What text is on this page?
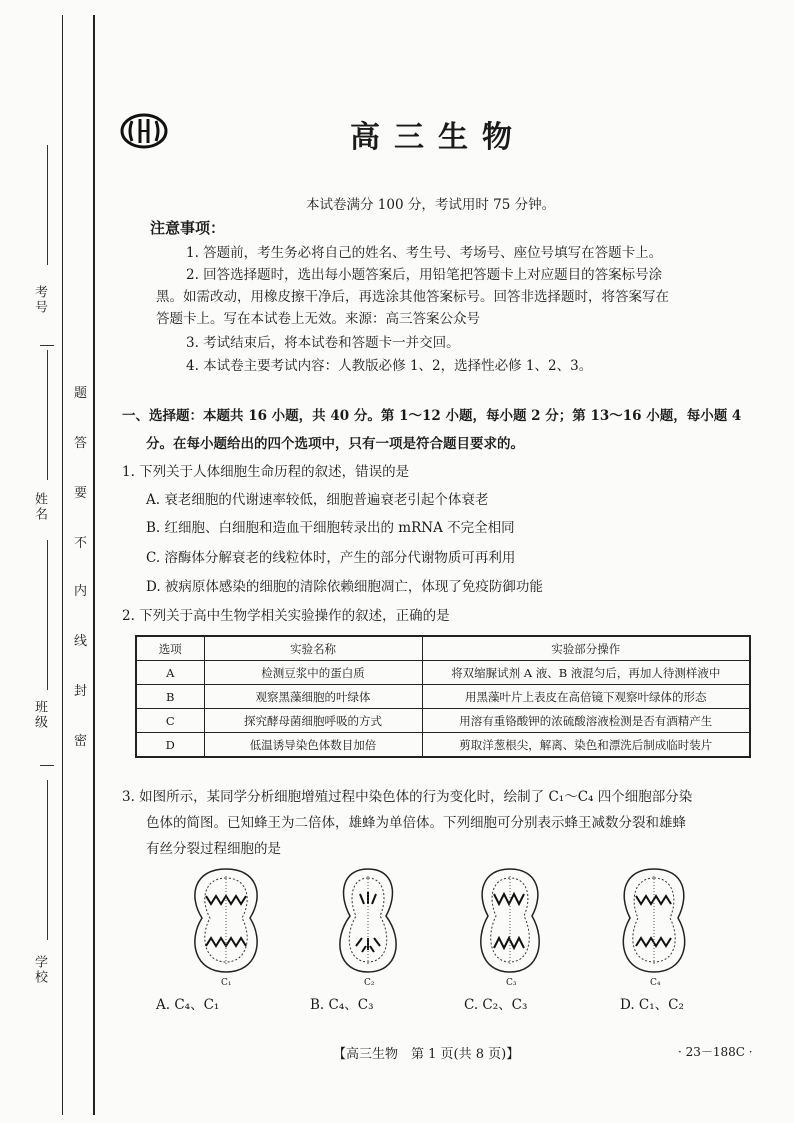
考号
姓名
班级
学校
题
答
要
不
内
线
封
密
高三生物
本试卷满分 100 分，考试用时 75 分钟。
注意事项：
1. 答题前，考生务必将自己的姓名、考生号、考场号、座位号填写在答题卡上。
2. 回答选择题时，选出每小题答案后，用铅笔把答题卡上对应题目的答案标号涂
黑。如需改动，用橡皮擦干净后，再选涂其他答案标号。回答非选择题时，将答案写在
答题卡上。写在本试卷上无效。来源：高三答案公众号
3. 考试结束后，将本试卷和答题卡一并交回。
4. 本试卷主要考试内容：人教版必修 1、2，选择性必修 1、2、3。
一、选择题：本题共 16 小题，共 40 分。第 1～12 小题，每小题 2 分；第 13～16 小题，每小题 4
分。在每小题给出的四个选项中，只有一项是符合题目要求的。
1. 下列关于人体细胞生命历程的叙述，错误的是
A. 衰老细胞的代谢速率较低，细胞普遍衰老引起个体衰老
B. 红细胞、白细胞和造血干细胞转录出的 mRNA 不完全相同
C. 溶酶体分解衰老的线粒体时，产生的部分代谢物质可再利用
D. 被病原体感染的细胞的清除依赖细胞凋亡，体现了免疫防御功能
2. 下列关于高中生物学相关实验操作的叙述，正确的是
选项	实验名称	实验部分操作
A	检测豆浆中的蛋白质	将双缩脲试剂 A 液、B 液混匀后，再加人待测样液中
B	观察黑藻细胞的叶绿体	用黑藻叶片上表皮在高倍镜下观察叶绿体的形态
C	探究酵母菌细胞呼吸的方式	用溶有重铬酸钾的浓硫酸溶液检测是否有酒精产生
D	低温诱导染色体数目加倍	剪取洋葱根尖，解离、染色和漂洗后制成临时装片
3. 如图所示，某同学分析细胞增殖过程中染色体的行为变化时，绘制了 C₁～C₄ 四个细胞部分染
色体的简图。已知蜂王为二倍体，雄蜂为单倍体。下列细胞可分别表示蜂王减数分裂和雄蜂
有丝分裂过程细胞的是
C₁	C₂	C₃	C₄
A. C₄、C₁	B. C₄、C₃	C. C₂、C₃	D. C₁、C₂
【高三生物　第 1 页(共 8 页)】	· 23－188C ·
